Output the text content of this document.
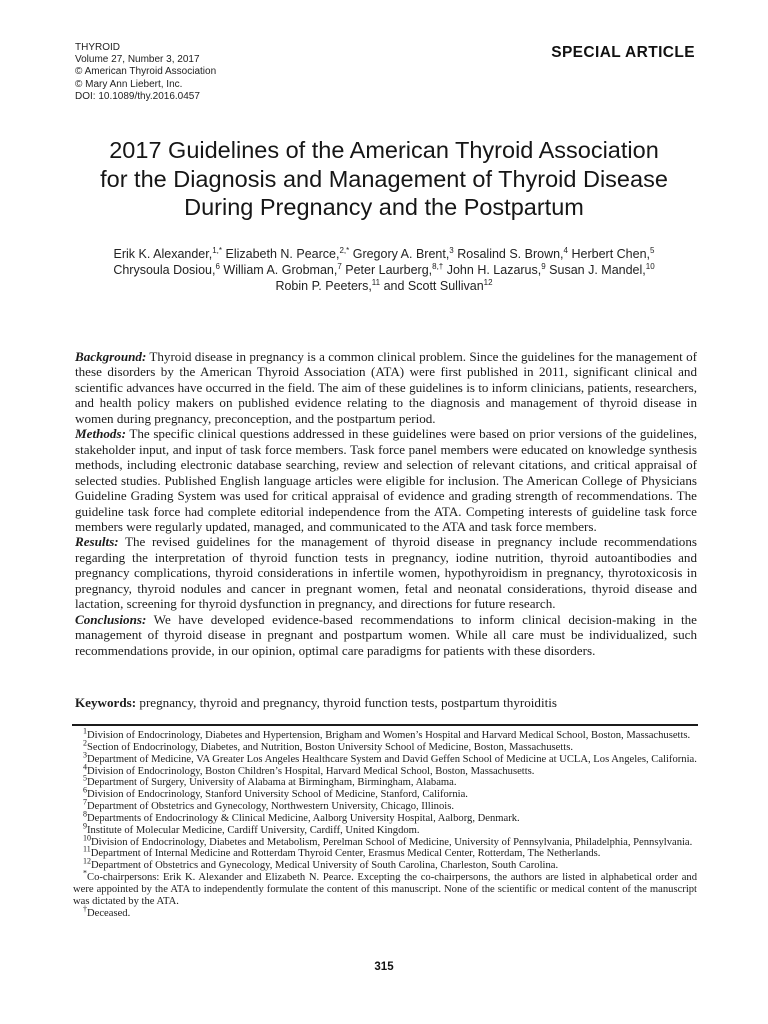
THYROID
Volume 27, Number 3, 2017
© American Thyroid Association
© Mary Ann Liebert, Inc.
DOI: 10.1089/thy.2016.0457
SPECIAL ARTICLE
2017 Guidelines of the American Thyroid Association
for the Diagnosis and Management of Thyroid Disease
During Pregnancy and the Postpartum
Erik K. Alexander,$^{1,*}$ Elizabeth N. Pearce,$^{2,*}$ Gregory A. Brent,$^3$ Rosalind S. Brown,$^4$ Herbert Chen,$^5$
Chrysoula Dosiou,$^6$ William A. Grobman,$^7$ Peter Laurberg,$^{8,\dagger}$ John H. Lazarus,$^9$ Susan J. Mandel,$^{10}$
Robin P. Peeters,$^{11}$ and Scott Sullivan$^{12}$
Background: Thyroid disease in pregnancy is a common clinical problem. Since the guidelines for the management of these disorders by the American Thyroid Association (ATA) were first published in 2011, significant clinical and scientific advances have occurred in the field. The aim of these guidelines is to inform clinicians, patients, researchers, and health policy makers on published evidence relating to the diagnosis and management of thyroid disease in women during pregnancy, preconception, and the postpartum period.
Methods: The specific clinical questions addressed in these guidelines were based on prior versions of the guidelines, stakeholder input, and input of task force members. Task force panel members were educated on knowledge synthesis methods, including electronic database searching, review and selection of relevant citations, and critical appraisal of selected studies. Published English language articles were eligible for inclusion. The American College of Physicians Guideline Grading System was used for critical appraisal of evidence and grading strength of recommendations. The guideline task force had complete editorial independence from the ATA. Competing interests of guideline task force members were regularly updated, managed, and communicated to the ATA and task force members.
Results: The revised guidelines for the management of thyroid disease in pregnancy include recommendations regarding the interpretation of thyroid function tests in pregnancy, iodine nutrition, thyroid autoantibodies and pregnancy complications, thyroid considerations in infertile women, hypothyroidism in pregnancy, thyrotoxicosis in pregnancy, thyroid nodules and cancer in pregnant women, fetal and neonatal considerations, thyroid disease and lactation, screening for thyroid dysfunction in pregnancy, and directions for future research.
Conclusions: We have developed evidence-based recommendations to inform clinical decision-making in the management of thyroid disease in pregnant and postpartum women. While all care must be individualized, such recommendations provide, in our opinion, optimal care paradigms for patients with these disorders.
Keywords: pregnancy, thyroid and pregnancy, thyroid function tests, postpartum thyroiditis

$^1$Division of Endocrinology, Diabetes and Hypertension, Brigham and Women’s Hospital and Harvard Medical School, Boston, Massachusetts.

$^2$Section of Endocrinology, Diabetes, and Nutrition, Boston University School of Medicine, Boston, Massachusetts.

$^3$Department of Medicine, VA Greater Los Angeles Healthcare System and David Geffen School of Medicine at UCLA, Los Angeles, California.

$^4$Division of Endocrinology, Boston Children’s Hospital, Harvard Medical School, Boston, Massachusetts.

$^5$Department of Surgery, University of Alabama at Birmingham, Birmingham, Alabama.

$^6$Division of Endocrinology, Stanford University School of Medicine, Stanford, California.

$^7$Department of Obstetrics and Gynecology, Northwestern University, Chicago, Illinois.

$^8$Departments of Endocrinology & Clinical Medicine, Aalborg University Hospital, Aalborg, Denmark.

$^9$Institute of Molecular Medicine, Cardiff University, Cardiff, United Kingdom.

$^{10}$Division of Endocrinology, Diabetes and Metabolism, Perelman School of Medicine, University of Pennsylvania, Philadelphia, Pennsylvania.

$^{11}$Department of Internal Medicine and Rotterdam Thyroid Center, Erasmus Medical Center, Rotterdam, The Netherlands.

$^{12}$Department of Obstetrics and Gynecology, Medical University of South Carolina, Charleston, South Carolina.

*Co-chairpersons: Erik K. Alexander and Elizabeth N. Pearce. Excepting the co-chairpersons, the authors are listed in alphabetical order and were appointed by the ATA to independently formulate the content of this manuscript. None of the scientific or medical content of the manuscript was dictated by the ATA.

†Deceased.

315
